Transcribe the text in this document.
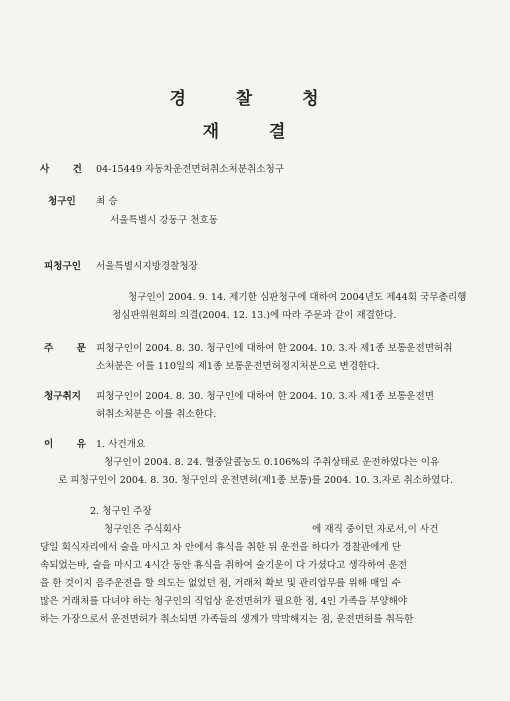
경 찰 청
재 결
사 건 04-15449 자동차운전면허취소처분취소청구
청구인 최 승
서울특별시 강동구 천호동
피청구인 서울특별시지방경찰청장
청구인이 2004. 9. 14. 제기한 심판청구에 대하여 2004년도 제44회 국무총리행
정심판위원회의 의결(2004. 12. 13.)에 따라 주문과 같이 재결한다.
주 문 피청구인이 2004. 8. 30. 청구인에 대하여 한 2004. 10. 3.자 제1종 보통운전면허취
소처분은 이를 110일의 제1종 보통운전면허정지처분으로 변경한다.
청구취지 피청구인이 2004. 8. 30. 청구인에 대하여 한 2004. 10. 3.자 제1종 보통운전면
허취소처분은 이를 취소한다.
이 유 1. 사건개요
청구인이 2004. 8. 24. 혈중알콜농도 0.106%의 주취상태로 운전하였다는 이유
로 피청구인이 2004. 8. 30. 청구인의 운전면허(제1종 보통)를 2004. 10. 3.자로 취소하였다.
2. 청구인 주장
청구인은 주식회사	에 재직 중이던 자로서,이 사건
당일 회식자리에서 술을 마시고 차 안에서 휴식을 취한 뒤 운전을 하다가 경찰관에게 단
속되었는바, 술을 마시고 4시간 동안 휴식을 취하여 술기운이 다 가셨다고 생각하여 운전
을 한 것이지 음주운전을 할 의도는 없었던 점, 거래처 확보 및 관리업무를 위해 매일 수
많은 거래처를 다녀야 하는 청구인의 직업상 운전면허가 필요한 점, 4인 가족을 부양해야
하는 가장으로서 운전면허가 취소되면 가족들의 생계가 막막해지는 점, 운전면허를 취득한
